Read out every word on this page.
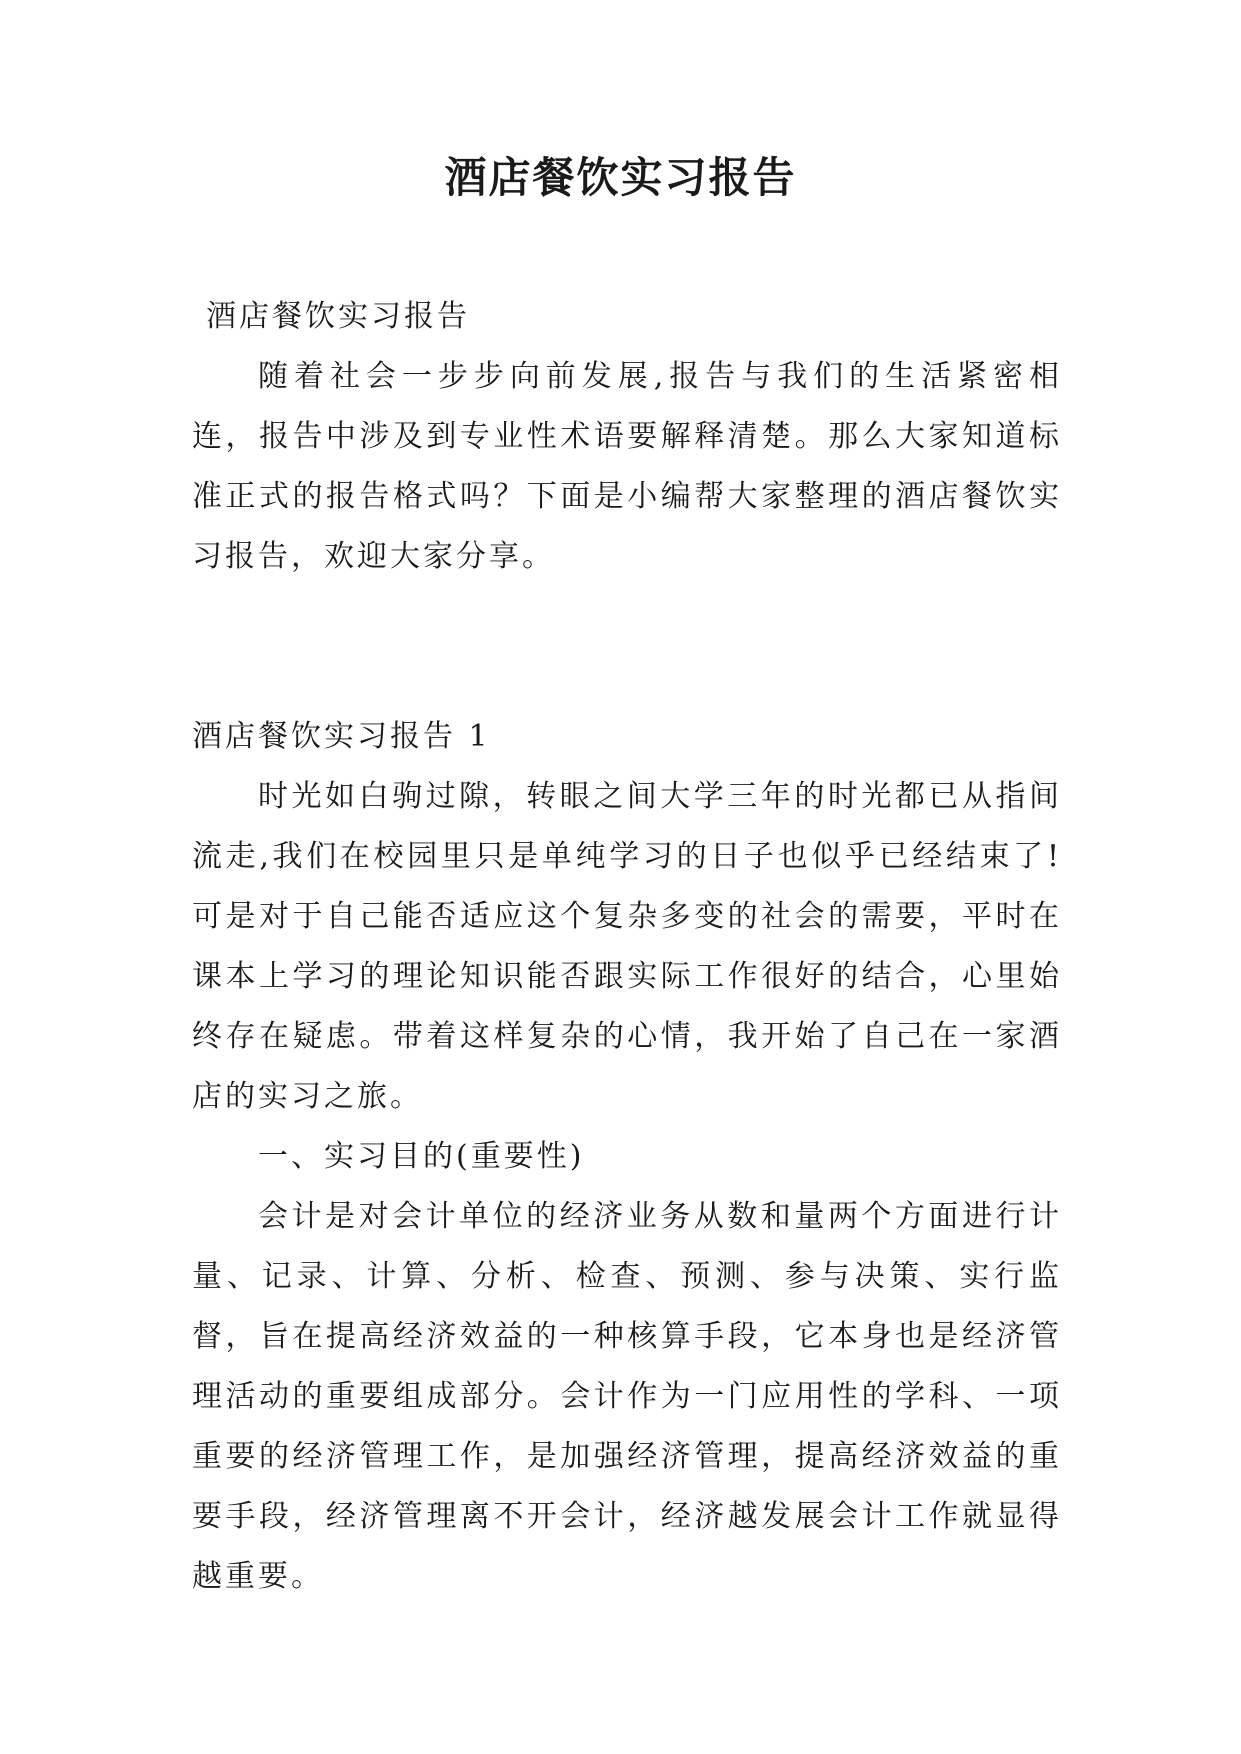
酒店餐饮实习报告

酒店餐饮实习报告

随着社会一步步向前发展,报告与我们的生活紧密相连，报告中涉及到专业性术语要解释清楚。那么大家知道标准正式的报告格式吗？下面是小编帮大家整理的酒店餐饮实习报告，欢迎大家分享。

酒店餐饮实习报告 1

时光如白驹过隙，转眼之间大学三年的时光都已从指间流走,我们在校园里只是单纯学习的日子也似乎已经结束了!可是对于自己能否适应这个复杂多变的社会的需要，平时在课本上学习的理论知识能否跟实际工作很好的结合，心里始终存在疑虑。带着这样复杂的心情，我开始了自己在一家酒店的实习之旅。

一、实习目的(重要性)

会计是对会计单位的经济业务从数和量两个方面进行计量、记录、计算、分析、检查、预测、参与决策、实行监督，旨在提高经济效益的一种核算手段，它本身也是经济管理活动的重要组成部分。会计作为一门应用性的学科、一项重要的经济管理工作，是加强经济管理，提高经济效益的重要手段，经济管理离不开会计，经济越发展会计工作就显得越重要。
